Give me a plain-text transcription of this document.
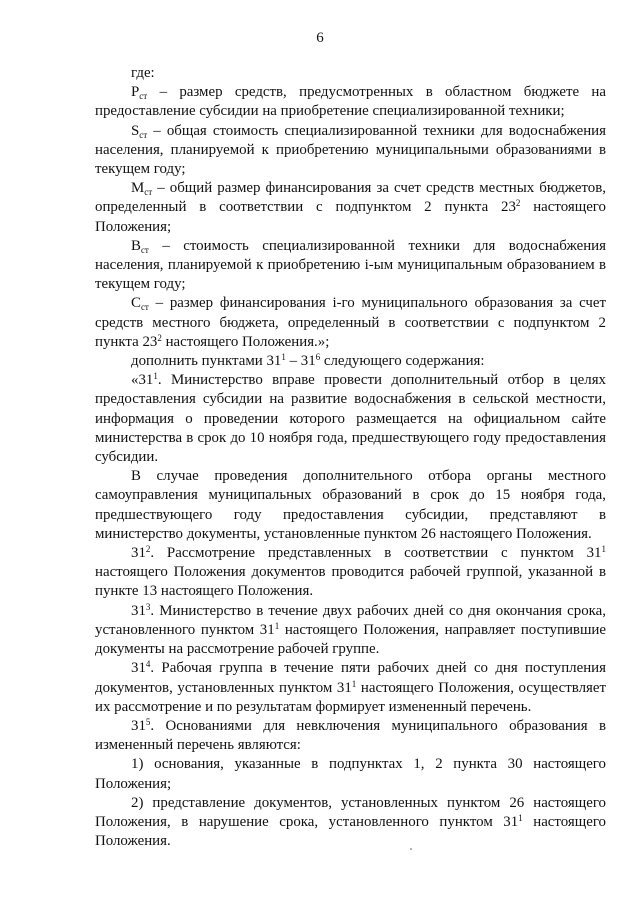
6

где:

$Р_{ст}$ – размер средств, предусмотренных в областном бюджете на предоставление субсидии на приобретение специализированной техники;

$S_{ст}$ – общая стоимость специализированной техники для водоснабжения населения, планируемой к приобретению муниципальными образованиями в текущем году;

$М_{ст}$ – общий размер финансирования за счет средств местных бюджетов, определенный в соответствии с подпунктом 2 пункта $23^2$ настоящего Положения;

$В_{ст}$ – стоимость специализированной техники для водоснабжения населения, планируемой к приобретению i-ым муниципальным образованием в текущем году;

$С_{ст}$ – размер финансирования i-го муниципального образования за счет средств местного бюджета, определенный в соответствии с подпунктом 2 пункта $23^2$ настоящего Положения.»;

дополнить пунктами $31^1 - 31^6$ следующего содержания:

«$31^1$. Министерство вправе провести дополнительный отбор в целях предоставления субсидии на развитие водоснабжения в сельской местности, информация о проведении которого размещается на официальном сайте министерства в срок до 10 ноября года, предшествующего году предоставления субсидии.

В случае проведения дополнительного отбора органы местного самоуправления муниципальных образований в срок до 15 ноября года, предшествующего году предоставления субсидии, представляют в министерство документы, установленные пунктом 26 настоящего Положения.

$31^2$. Рассмотрение представленных в соответствии с пунктом $31^1$ настоящего Положения документов проводится рабочей группой, указанной в пункте 13 настоящего Положения.

$31^3$. Министерство в течение двух рабочих дней со дня окончания срока, установленного пунктом $31^1$ настоящего Положения, направляет поступившие документы на рассмотрение рабочей группе.

$31^4$. Рабочая группа в течение пяти рабочих дней со дня поступления документов, установленных пунктом $31^1$ настоящего Положения, осуществляет их рассмотрение и по результатам формирует измененный перечень.

$31^5$. Основаниями для невключения муниципального образования в измененный перечень являются:

1) основания, указанные в подпунктах 1, 2 пункта 30 настоящего Положения;

2) представление документов, установленных пунктом 26 настоящего Положения, в нарушение срока, установленного пунктом $31^1$ настоящего Положения.
